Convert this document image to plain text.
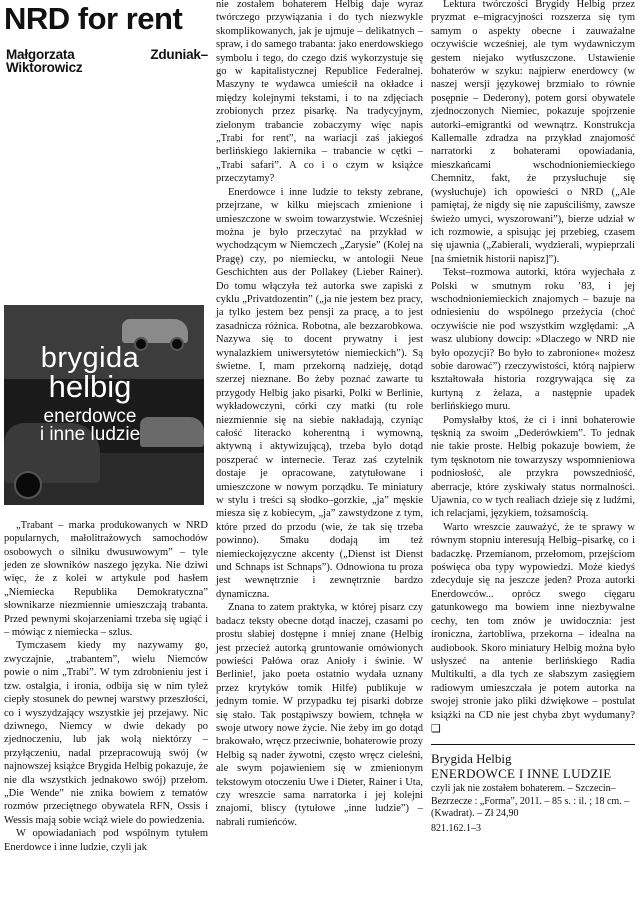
NRD for rent
Małgorzata Zduniak–Wiktorowicz
brygida
helbig
enerdowce
i inne ludzie

„Trabant – marka produkowanych w NRD popularnych, małolitrażowych samochodów osobowych o silniku dwusuwowym” – tyle jeden ze słowników naszego języka. Nie dziwi więc, że z kolei w artykule pod hasłem „Niemiecka Republika Demokratyczna” słownikarze niezmiennie umieszczają trabanta. Przed pewnymi skojarzeniami trzeba się ugiąć i – mówiąc z niemiecka – szlus.

Tymczasem kiedy my nazywamy go, zwyczajnie, „trabantem”, wielu Niemców powie o nim „Trabi”. W tym zdrobnieniu jest i tzw. ostalgia, i ironia, odbija się w nim tyleż ciepły stosunek do pewnej warstwy przeszłości, co i wyszydzający wszystkie jej przejawy. Nic dziwnego, Niemcy w dwie dekady po zjednoczeniu, lub jak wolą niektórzy – przyłączeniu, nadal przepracowują swój (w najnowszej książce Brygida Helbig pokazuje, że nie dla wszystkich jednakowo swój) przełom. „Die Wende” nie znika bowiem z tematów rozmów przeciętnego obywatela RFN, Ossis i Wessis mają sobie wciąż wiele do powiedzenia.

W opowiadaniach pod wspólnym tytułem Enerdowce i inne ludzie, czyli jak

nie zostałem bohaterem Helbig daje wyraz twórczego przywiązania i do tych niezwykle skomplikowanych, jak je ujmuje – delikatnych – spraw, i do samego trabanta: jako enerdowskiego symbolu i tego, do czego dziś wykorzystuje się go w kapitalistycznej Republice Federalnej. Maszyny te wydawca umieścił na okładce i między kolejnymi tekstami, i to na zdjęciach zrobionych przez pisarkę. Na tradycyjnym, zielonym trabancie zobaczymy więc napis „Trabi for rent”, na wariacji zaś jakiegoś berlińskiego lakiernika – trabancie w cętki – „Trabi safari”. A co i o czym w książce przeczytamy?

Enerdowce i inne ludzie to teksty zebrane, przejrzane, w kilku miejscach zmienione i umieszczone w swoim towarzystwie. Wcześniej można je było przeczytać na przykład w wychodzącym w Niemczech „Zarysie” (Kolej na Pragę) czy, po niemiecku, w antologii Neue Geschichten aus der Pollakey (Lieber Rainer). Do tomu włączyła też autorka swe zapiski z cyklu „Privatdozentin” („ja nie jestem bez pracy, ja tylko jestem bez pensji za pracę, a to jest zasadnicza różnica. Robotna, ale bezzarobkowa. Nazywa się to docent prywatny i jest wynalazkiem uniwersytetów niemieckich”). Są świetne. I, mam przekorną nadzieję, dotąd szerzej nieznane. Bo żeby poznać zawarte tu przygody Helbig jako pisarki, Polki w Berlinie, wykładowczyni, córki czy matki (tu role niezmiennie się na siebie nakładają, czyniąc całość literacko koherentną i wymowną, aktywną i aktywizującą), trzeba było dotąd poszperać w internecie. Teraz zaś czytelnik dostaje je opracowane, zatytułowane i umieszczone w nowym porządku. Te miniatury w stylu i treści są słodko–gorzkie, „ja” męskie miesza się z kobiecym, „ja” zawstydzone z tym, które przed do przodu (wie, że tak się trzeba powinno). Smaku dodają im też niemieckojęzyczne akcenty („Dienst ist Dienst und Schnaps ist Schnaps”). Odnowiona tu proza jest wewnętrznie i zewnętrznie bardzo dynamiczna.

Znana to zatem praktyka, w której pisarz czy badacz teksty obecne dotąd inaczej, czasami po prostu słabiej dostępne i mniej znane (Helbig jest przecież autorką gruntowanie omówionych powieści Pałówa oraz Anioły i świnie. W Berlinie!, jako poeta ostatnio wydała uznany przez krytyków tomik Hilfe) publikuje w jednym tomie. W przypadku tej pisarki dobrze się stało. Tak postąpiwszy bowiem, tchnęła w swoje utwory nowe życie. Nie żeby im go dotąd brakowało, wręcz przeciwnie, bohaterowie prozy Helbig są nader żywotni, często wręcz cieleśni, ale swym pojawieniem się w zmienionym tekstowym otoczeniu Uwe i Dieter, Rainer i Uta, czy wreszcie sama narratorka i jej kolejni znajomi, bliscy (tytułowe „inne ludzie”) – nabrali rumieńców.

Lektura twórczości Brygidy Helbig przez pryzmat e–migracyjności rozszerza się tym samym o aspekty obecne i zauważalne oczywiście wcześniej, ale tym wydawniczym gestem niejako wytłuszczone. Ustawienie bohaterów w szyku: najpierw enerdowcy (w naszej wersji językowej brzmiało to równie posępnie – Dederony), potem gorsi obywatele zjednoczonych Niemiec, pokazuje spojrzenie autorki–emigrantki od wewnątrz. Konstrukcja Kallemalle zdradza na przykład znajomość narratorki z bohaterami opowiadania, mieszkańcami wschodnioniemieckiego Chemnitz, fakt, że przysłuchuje się (wysłuchuje) ich opowieści o NRD („Ale pamiętaj, że nigdy się nie zapuściliśmy, zawsze świeżo umyci, wyszorowani”), bierze udział w ich rozmowie, a spisując jej przebieg, czasem się ujawnia („Zabierali, wydzierali, wypieprzali [na śmietnik historii napisz]”).

Tekst–rozmowa autorki, która wyjechała z Polski w smutnym roku ’83, i jej wschodnioniemieckich znajomych – bazuje na odniesieniu do wspólnego przeżycia (choć oczywiście nie pod wszystkim względami: „A wasz ulubiony dowcip: »Dlaczego w NRD nie było opozycji? Bo było to zabronione« możesz sobie darować”) rzeczywistości, którą najpierw kształtowała historia rozgrywająca się za kurtyną z żelaza, a następnie upadek berlińskiego muru.

Pomysłałby ktoś, że ci i inni bohaterowie tęsknią za swoim „Dederówkiem”. To jednak nie takie proste. Helbig pokazuje bowiem, że tym tęsknotom nie towarzyszy wspomnieniowa podniosłość, ale przykra powszedniość, aberracje, które zyskiwały status normalności. Ujawnia, co w tych realiach dzieje się z ludźmi, ich relacjami, językiem, tożsamością.

Warto wreszcie zauważyć, że te sprawy w równym stopniu interesują Helbig–pisarkę, co i badaczkę. Przemianom, przełomom, przejściom poświęca oba typy wypowiedzi. Może kiedyś zdecyduje się na jeszcze jeden? Proza autorki Enerdowców... oprócz swego cięgaru gatunkowego ma bowiem inne niezbywalne cechy, ten tom znów je uwidocznia: jest ironiczna, żartobliwa, przekorna – idealna na audiobook. Skoro miniatury Helbig można było usłyszeć na antenie berlińskiego Radia Multikulti, a dla tych ze słabszym zasięgiem radiowym umieszczała je potem autorka na swojej stronie jako pliki dźwiękowe – postulat książki na CD nie jest chyba zbyt wydumany? ❑

Brygida Helbig
ENERDOWCE I INNE LUDZIE
czyli jak nie zostałem bohaterem. – Szczecin–Bezrzecze : „Forma”, 2011. – 85 s. : il. ; 18 cm. – (Kwadrat). – Zł 24,90
821.162.1–3
